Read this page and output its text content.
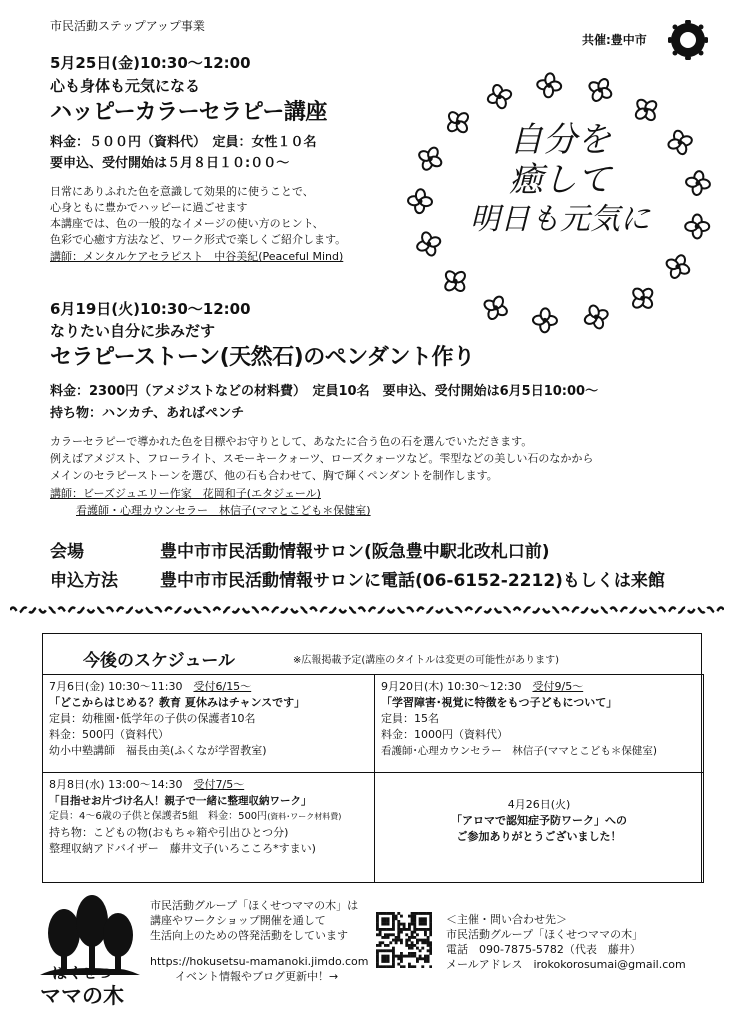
市民活動ステップアップ事業
共催:豊中市
5月25日(金)10:30〜12:00
心も身体も元気になる
ハッピーカラーセラピー講座
料金：５００円（資料代）　定員：女性１０名
要申込、受付開始は５月８日１０:００〜
日常にありふれた色を意識して効果的に使うことで、
心身ともに豊かでハッピーに過ごせます
本講座では、色の一般的なイメージの使い方のヒント、
色彩で心癒す方法など、ワーク形式で楽しくご紹介します。
講師：メンタルケアセラピスト　中谷美紀(Peaceful Mind)
自分を
癒して
明日も元気に
6月19日(火)10:30〜12:00
なりたい自分に歩みだす
セラピーストーン(天然石)のペンダント作り
料金：2300円（アメジストなどの材料費）　定員10名　要申込、受付開始は6月5日10:00〜
持ち物：ハンカチ、あればペンチ
カラーセラピーで導かれた色を目標やお守りとして、あなたに合う色の石を選んでいただきます。
例えばアメジスト、フローライト、スモーキークォーツ、ローズクォーツなど。雫型などの美しい石のなかから
メインのセラピーストーンを選び、他の石も合わせて、胸で輝くペンダントを制作します。
講師：ビーズジュエリー作家　花岡和子(エタジェール)
看護師・心理カウンセラー　林信子(ママとこども＊保健室)
会場	豊中市市民活動情報サロン(阪急豊中駅北改札口前)
申込方法 豊中市市民活動情報サロンに電話(06-6152-2212)もしくは来館
今後のスケジュール	※広報掲載予定(講座のタイトルは変更の可能性があります)
7月6日(金) 10:30〜11:30　 受付6/15〜
「どこからはじめる？教育 夏休みはチャンスです」
定員：幼稚園･低学年の子供の保護者10名
料金：500円（資料代）
幼小中塾講師　福長由美(ふくなが学習教室)
9月20日(木) 10:30〜12:30　 受付9/5〜
「学習障害･視覚に特徴をもつ子どもについて」
定員：15名
料金：1000円（資料代）
看護師･心理カウンセラー　林信子(ママとこども＊保健室)
8月8日(水) 13:00〜14:30　 受付7/5〜
「目指せお片づけ名人！親子で一緒に整理収納ワーク」
定員：4〜6歳の子供と保護者5組　料金：500円(資料･ワーク材料費)
持ち物：こどもの物(おもちゃ箱や引出ひとつ分)
整理収納アドバイザー　藤井文子(いろこころ*すまい)
4月26日(火)
「アロマで認知症予防ワーク」への
ご参加ありがとうございました！
ほくせつ
ママの木
市民活動グループ「ほくせつママの木」は
講座やワークショップ開催を通して
生活向上のための啓発活動をしています
https://hokusetsu-mamanoki.jimdo.com
イベント情報やブログ更新中！→
＜主催・問い合わせ先＞
市民活動グループ「ほくせつママの木」
電話　090-7875-5782（代表　藤井）
メールアドレス　irokokorosumai@gmail.com
